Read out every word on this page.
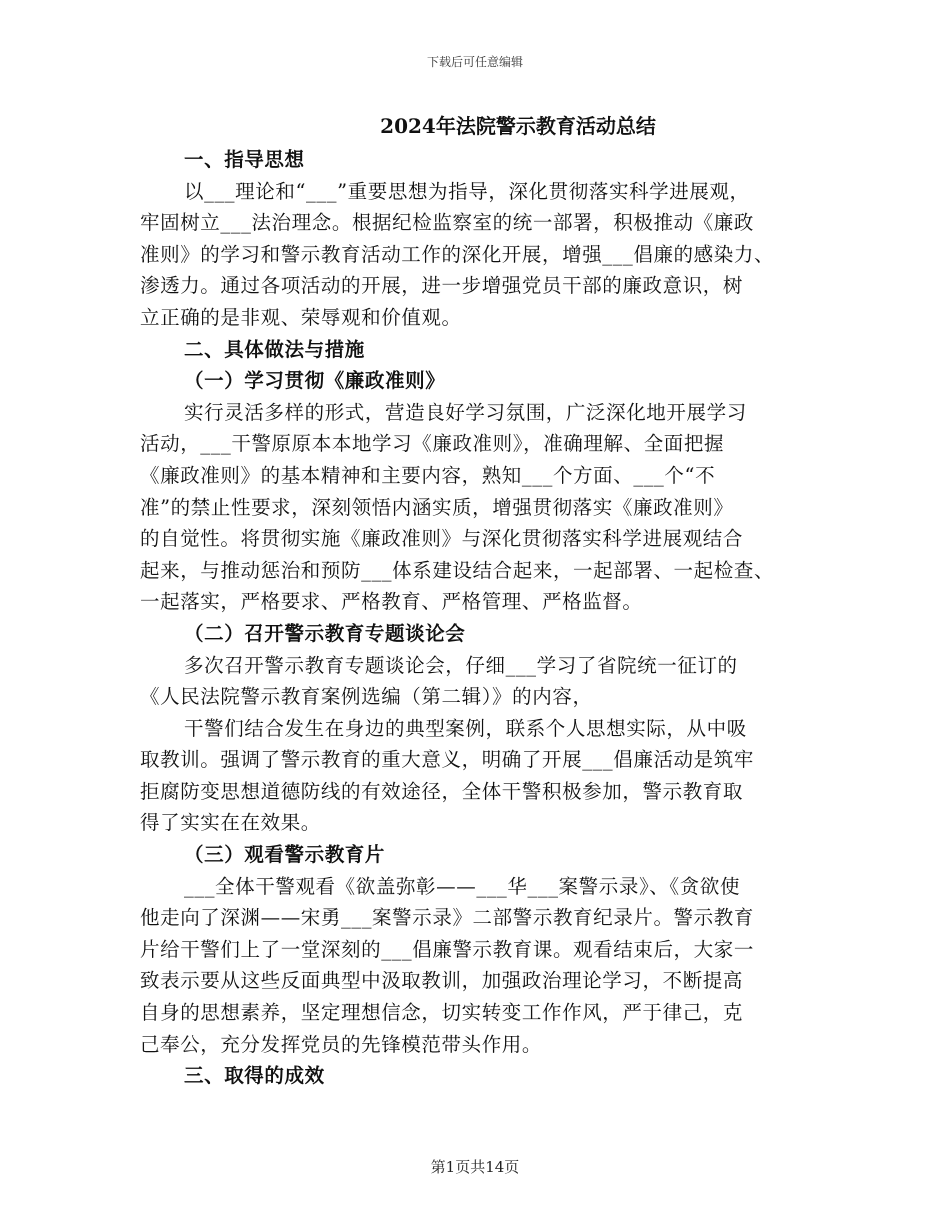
下载后可任意编辑
2024年法院警示教育活动总结
一、指导思想
以___理论和“___”重要思想为指导，深化贯彻落实科学进展观，
牢固树立___法治理念。根据纪检监察室的统一部署，积极推动《廉政
准则》的学习和警示教育活动工作的深化开展，增强___倡廉的感染力、
渗透力。通过各项活动的开展，进一步增强党员干部的廉政意识，树
立正确的是非观、荣辱观和价值观。
二、具体做法与措施
（一）学习贯彻《廉政准则》
实行灵活多样的形式，营造良好学习氛围，广泛深化地开展学习
活动，___干警原原本本地学习《廉政准则》，准确理解、全面把握
《廉政准则》的基本精神和主要内容，熟知___个方面、___个“不
准”的禁止性要求，深刻领悟内涵实质，增强贯彻落实《廉政准则》
的自觉性。将贯彻实施《廉政准则》与深化贯彻落实科学进展观结合
起来，与推动惩治和预防___体系建设结合起来，一起部署、一起检查、
一起落实，严格要求、严格教育、严格管理、严格监督。
（二）召开警示教育专题谈论会
多次召开警示教育专题谈论会，仔细___学习了省院统一征订的
《人民法院警示教育案例选编（第二辑）》的内容，
干警们结合发生在身边的典型案例，联系个人思想实际，从中吸
取教训。强调了警示教育的重大意义，明确了开展___倡廉活动是筑牢
拒腐防变思想道德防线的有效途径，全体干警积极参加，警示教育取
得了实实在在效果。
（三）观看警示教育片
___全体干警观看《欲盖弥彰——___华___案警示录》、《贪欲使
他走向了深渊——宋勇___案警示录》二部警示教育纪录片。警示教育
片给干警们上了一堂深刻的___倡廉警示教育课。观看结束后，大家一
致表示要从这些反面典型中汲取教训，加强政治理论学习，不断提高
自身的思想素养，坚定理想信念，切实转变工作作风，严于律己，克
己奉公，充分发挥党员的先锋模范带头作用。
三、取得的成效
第1页共14页
